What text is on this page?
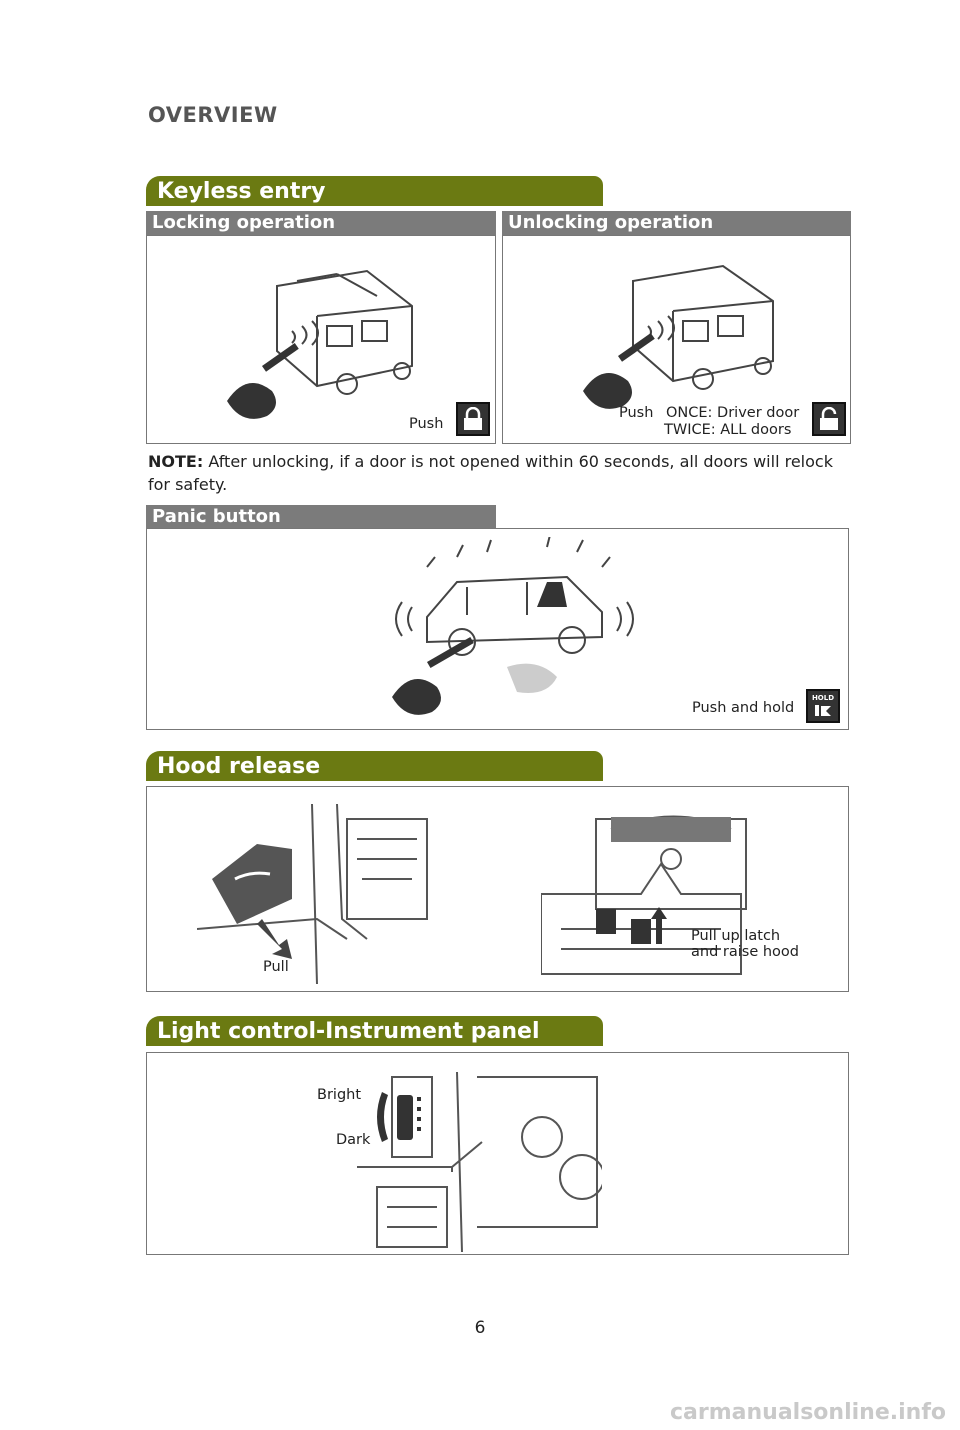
OVERVIEW
Keyless entry
Locking operation	Unlocking operation
Push
Push ONCE: Driver door
TWICE: ALL doors
NOTE: After unlocking, if a door is not opened within 60 seconds, all doors will relock for safety.
Panic button
Push and hold
HOLD
Hood release
Pull
Pull up latch
and raise hood
Light control-Instrument panel
Bright
Dark
6
carmanualsonline.info
